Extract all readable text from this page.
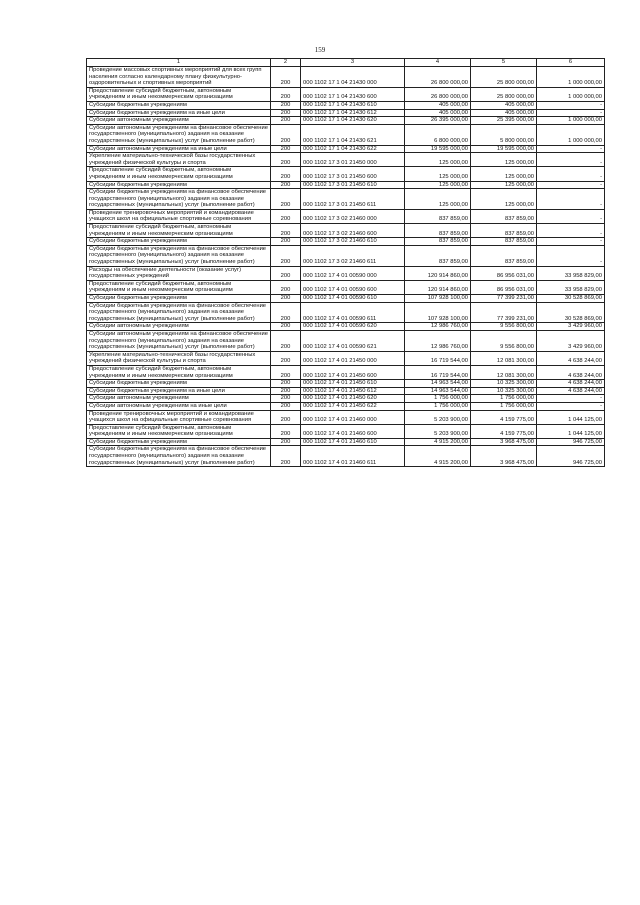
159
1	2	3	4	5	6
Проведение массовых спортивных мероприятий для всех групп населения согласно календарному плану физкультурно-оздоровительных и спортивных мероприятий	200	000 1102 17 1 04 21430 000	26 800 000,00	25 800 000,00	1 000 000,00
Предоставление субсидий бюджетным, автономным учреждениям и иным некоммерческим организациям	200	000 1102 17 1 04 21430 600	26 800 000,00	25 800 000,00	1 000 000,00
Субсидии бюджетным учреждениям	200	000 1102 17 1 04 21430 610	405 000,00	405 000,00	-
Субсидии бюджетным учреждениям на иные цели	200	000 1102 17 1 04 21430 612	405 000,00	405 000,00	-
Субсидии автономным учреждениям	200	000 1102 17 1 04 21430 620	26 395 000,00	25 395 000,00	1 000 000,00
Субсидии автономным учреждениям на финансовое обеспечение государственного (муниципального) задания на оказание государственных (муниципальных) услуг (выполнение работ)	200	000 1102 17 1 04 21430 621	6 800 000,00	5 800 000,00	1 000 000,00
Субсидии автономным учреждениям на иные цели	200	000 1102 17 1 04 21430 622	19 595 000,00	19 595 000,00	-
Укрепление материально-технической базы государственных учреждений физической культуры и спорта	200	000 1102 17 3 01 21450 000	125 000,00	125 000,00	-
Предоставление субсидий бюджетным, автономным учреждениям и иным некоммерческим организациям	200	000 1102 17 3 01 21450 600	125 000,00	125 000,00	-
Субсидии бюджетным учреждениям	200	000 1102 17 3 01 21450 610	125 000,00	125 000,00	-
Субсидии бюджетным учреждениям на финансовое обеспечение государственного (муниципального) задания на оказание государственных (муниципальных) услуг (выполнение работ)	200	000 1102 17 3 01 21450 611	125 000,00	125 000,00	-
Проведение тренировочных мероприятий и командирование учащихся школ на официальные спортивные соревнования	200	000 1102 17 3 02 21460 000	837 859,00	837 859,00	-
Предоставление субсидий бюджетным, автономным учреждениям и иным некоммерческим организациям	200	000 1102 17 3 02 21460 600	837 859,00	837 859,00	-
Субсидии бюджетным учреждениям	200	000 1102 17 3 02 21460 610	837 859,00	837 859,00	-
Субсидии бюджетным учреждениям на финансовое обеспечение государственного (муниципального) задания на оказание государственных (муниципальных) услуг (выполнение работ)	200	000 1102 17 3 02 21460 611	837 859,00	837 859,00	-
Расходы на обеспечение деятельности (оказание услуг) государственных учреждений	200	000 1102 17 4 01 00590 000	120 914 860,00	86 956 031,00	33 958 829,00
Предоставление субсидий бюджетным, автономным учреждениям и иным некоммерческим организациям	200	000 1102 17 4 01 00590 600	120 914 860,00	86 956 031,00	33 958 829,00
Субсидии бюджетным учреждениям	200	000 1102 17 4 01 00590 610	107 928 100,00	77 399 231,00	30 528 869,00
Субсидии бюджетным учреждениям на финансовое обеспечение государственного (муниципального) задания на оказание государственных (муниципальных) услуг (выполнение работ)	200	000 1102 17 4 01 00590 611	107 928 100,00	77 399 231,00	30 528 869,00
Субсидии автономным учреждениям	200	000 1102 17 4 01 00590 620	12 986 760,00	9 556 800,00	3 429 960,00
Субсидии автономным учреждениям на финансовое обеспечение государственного (муниципального) задания на оказание государственных (муниципальных) услуг (выполнение работ)	200	000 1102 17 4 01 00590 621	12 986 760,00	9 556 800,00	3 429 960,00
Укрепление материально-технической базы государственных учреждений физической культуры и спорта	200	000 1102 17 4 01 21450 000	16 719 544,00	12 081 300,00	4 638 244,00
Предоставление субсидий бюджетным, автономным учреждениям и иным некоммерческим организациям	200	000 1102 17 4 01 21450 600	16 719 544,00	12 081 300,00	4 638 244,00
Субсидии бюджетным учреждениям	200	000 1102 17 4 01 21450 610	14 963 544,00	10 325 300,00	4 638 244,00
Субсидии бюджетным учреждениям на иные цели	200	000 1102 17 4 01 21450 612	14 963 544,00	10 325 300,00	4 638 244,00
Субсидии автономным учреждениям	200	000 1102 17 4 01 21450 620	1 756 000,00	1 756 000,00	-
Субсидии автономным учреждениям на иные цели	200	000 1102 17 4 01 21450 622	1 756 000,00	1 756 000,00	-
Проведение тренировочных мероприятий и командирование учащихся школ на официальные спортивные соревнования	200	000 1102 17 4 01 21460 000	5 203 900,00	4 159 775,00	1 044 125,00
Предоставление субсидий бюджетным, автономным учреждениям и иным некоммерческим организациям	200	000 1102 17 4 01 21460 600	5 203 900,00	4 159 775,00	1 044 125,00
Субсидии бюджетным учреждениям	200	000 1102 17 4 01 21460 610	4 915 200,00	3 968 475,00	946 725,00
Субсидии бюджетным учреждениям на финансовое обеспечение государственного (муниципального) задания на оказание государственных (муниципальных) услуг (выполнение работ)	200	000 1102 17 4 01 21460 611	4 915 200,00	3 968 475,00	946 725,00
